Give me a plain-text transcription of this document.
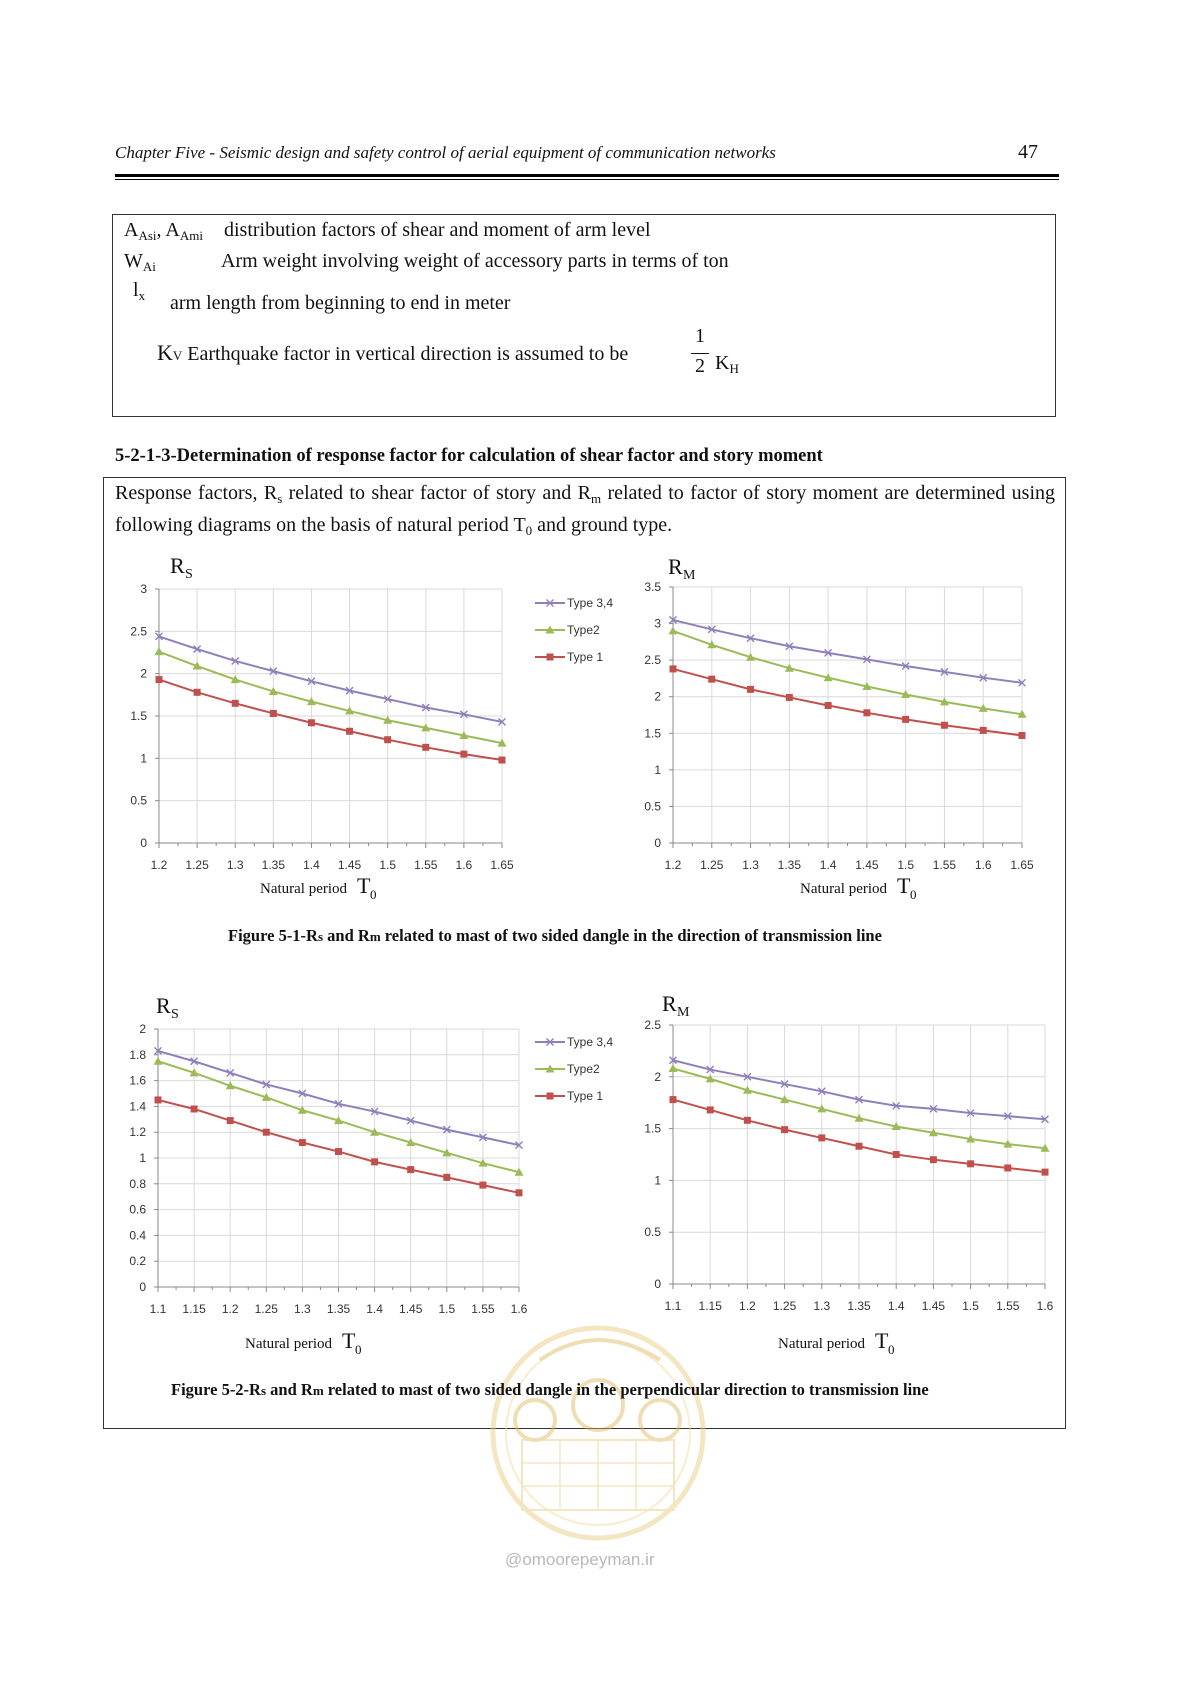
Chapter Five - Seismic design and safety control of aerial equipment of communication networks	47
$A_{Asi}$, $A_{Ami}$ distribution factors of shear and moment of arm level
$W_{Ai}$	Arm weight involving weight of accessory parts in terms of ton
$l_x$ arm length from beginning to end in meter
KV Earthquake factor in vertical direction is assumed to be
1
2 $K_H$
5-2-1-3-Determination of response factor for calculation of shear factor and story moment
Response factors, $R_s$ related to shear factor of story and $R_m$ related to factor of story moment are determined using following diagrams on the basis of natural period $T_0$ and ground type.
0
0.5
1
1.5
2
2.5
3
1.2 1.25 1.3 1.35 1.4 1.45 1.5 1.55 1.6 1.65
R S
Natural period T 0
Type 3,4
Type2
Type 1
0
0.5
1
1.5
2
2.5
3
3.5
1.2 1.25 1.3 1.35 1.4 1.45 1.5 1.55 1.6 1.65
R M
Natural period T 0
0
0.2
0.4
0.6
0.8
1
1.2
1.4
1.6
1.8
2
1.1 1.15 1.2 1.25 1.3 1.35 1.4 1.45 1.5 1.55 1.6
R S
Natural period T 0
Type 3,4
Type2
Type 1
0
0.5
1
1.5
2
2.5
1.1 1.15 1.2 1.25 1.3 1.35 1.4 1.45 1.5 1.55 1.6
R M
Natural period T 0
@omoorepeyman.ir
Figure 5-1-Rs and Rm related to mast of two sided dangle in the direction of transmission line
Figure 5-2-Rs and Rm related to mast of two sided dangle in the perpendicular direction to transmission line
